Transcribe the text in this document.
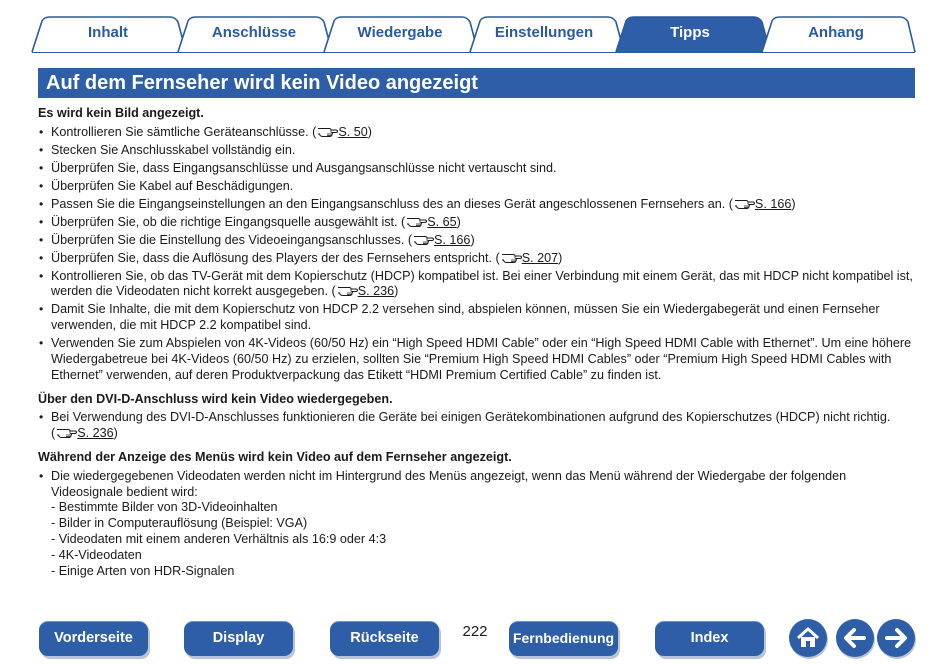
Inhalt	Anschlüsse	Wiedergabe	Einstellungen	Tipps	Anhang
Auf dem Fernseher wird kein Video angezeigt
Es wird kein Bild angezeigt.
• Kontrollieren Sie sämtliche Geräteanschlüsse. ( S. 50)
• Stecken Sie Anschlusskabel vollständig ein.
• Überprüfen Sie, dass Eingangsanschlüsse und Ausgangsanschlüsse nicht vertauscht sind.
• Überprüfen Sie Kabel auf Beschädigungen.
• Passen Sie die Eingangseinstellungen an den Eingangsanschluss des an dieses Gerät angeschlossenen Fernsehers an. ( S. 166)
• Überprüfen Sie, ob die richtige Eingangsquelle ausgewählt ist. ( S. 65)
• Überprüfen Sie die Einstellung des Videoeingangsanschlusses. ( S. 166)
• Überprüfen Sie, dass die Auflösung des Players der des Fernsehers entspricht. ( S. 207)
• Kontrollieren Sie, ob das TV-Gerät mit dem Kopierschutz (HDCP) kompatibel ist. Bei einer Verbindung mit einem Gerät, das mit HDCP nicht kompatibel ist, werden die Videodaten nicht korrekt ausgegeben. ( S. 236)
• Damit Sie Inhalte, die mit dem Kopierschutz von HDCP 2.2 versehen sind, abspielen können, müssen Sie ein Wiedergabegerät und einen Fernseher verwenden, die mit HDCP 2.2 kompatibel sind.
• Verwenden Sie zum Abspielen von 4K-Videos (60/50 Hz) ein “High Speed HDMI Cable” oder ein “High Speed HDMI Cable with Ethernet”. Um eine höhere Wiedergabetreue bei 4K-Videos (60/50 Hz) zu erzielen, sollten Sie “Premium High Speed HDMI Cables” oder “Premium High Speed HDMI Cables with Ethernet” verwenden, auf deren Produktverpackung das Etikett “HDMI Premium Certified Cable” zu finden ist.
Über den DVI-D-Anschluss wird kein Video wiedergegeben.
• Bei Verwendung des DVI-D-Anschlusses funktionieren die Geräte bei einigen Gerätekombinationen aufgrund des Kopierschutzes (HDCP) nicht richtig. ( S. 236)
Während der Anzeige des Menüs wird kein Video auf dem Fernseher angezeigt.
• Die wiedergegebenen Videodaten werden nicht im Hintergrund des Menüs angezeigt, wenn das Menü während der Wiedergabe der folgenden Videosignale bedient wird:
- Bestimmte Bilder von 3D-Videoinhalten
- Bilder in Computerauflösung (Beispiel: VGA)
- Videodaten mit einem anderen Verhältnis als 16:9 oder 4:3
- 4K-Videodaten
- Einige Arten von HDR-Signalen
Vorderseite	Display	Rückseite	222	Fernbedienung	Index
